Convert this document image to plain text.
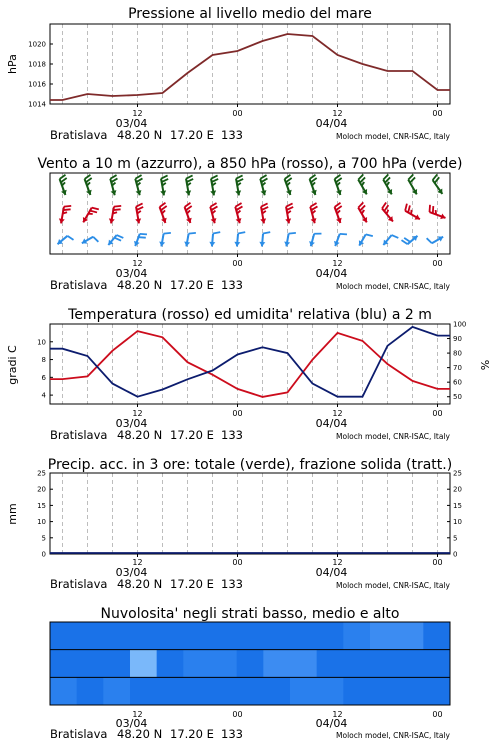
Pressione al livello medio del mare
1014
1016
1018
1020
hPa
12	00	12	00
03/04	04/04
Bratislava 48.20 N 17.20 E 133	Moloch model, CNR-ISAC, Italy
Vento a 10 m (azzurro), a 850 hPa (rosso), a 700 hPa (verde)
12	00	12	00
03/04	04/04
Bratislava 48.20 N 17.20 E 133	Moloch model, CNR-ISAC, Italy
Temperatura (rosso) ed umidita' relativa (blu) a 2 m
4
6
8
10
50
60
70
80
90
100
gradi C	%
12	00	12	00
03/04	04/04
Bratislava 48.20 N 17.20 E 133	Moloch model, CNR-ISAC, Italy
Precip. acc. in 3 ore: totale (verde), frazione solida (tratt.)
0
5
10
15
20
25
0
5
10
15
20
25
mm
12	00	12	00
03/04	04/04
Bratislava 48.20 N 17.20 E 133	Moloch model, CNR-ISAC, Italy
Nuvolosita' negli strati basso, medio e alto
12	00	12	00
03/04	04/04
Bratislava 48.20 N 17.20 E 133	Moloch model, CNR-ISAC, Italy
